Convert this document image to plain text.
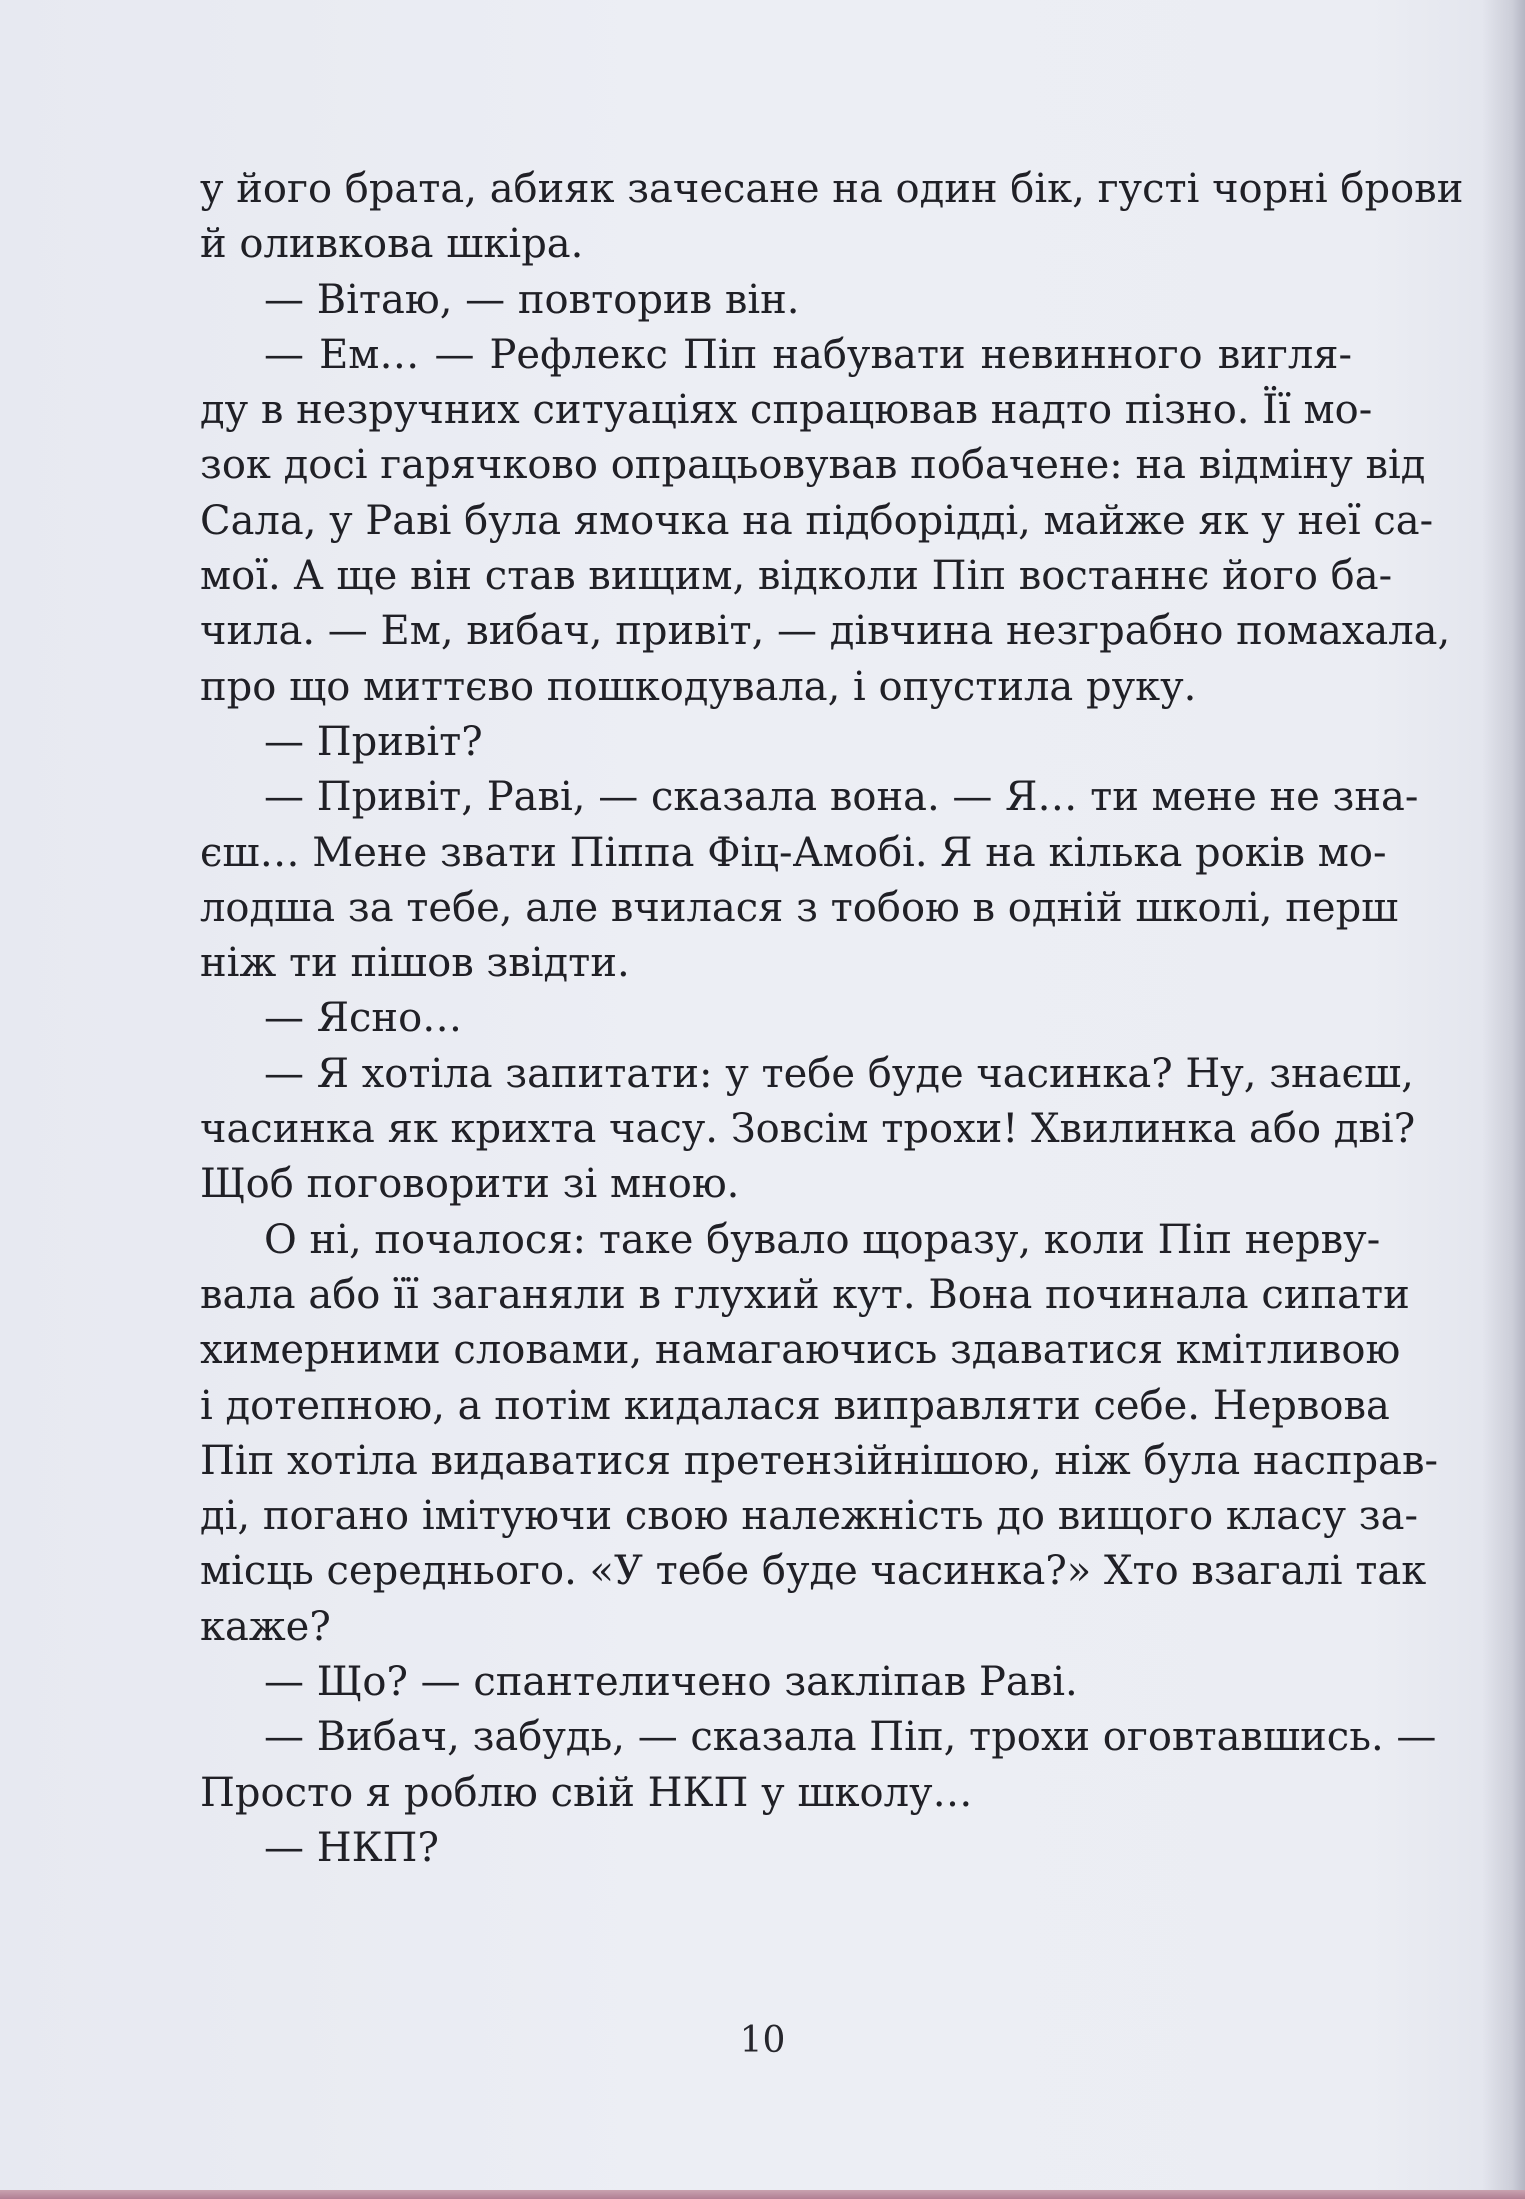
у його брата, абияк зачесане на один бік, густі чорні брови
й оливкова шкіра.
— Вітаю, — повторив він.
— Ем… — Рефлекс Піп набувати невинного вигля-
ду в незручних ситуаціях спрацював надто пізно. Її мо-
зок досі гарячково опрацьовував побачене: на відміну від
Сала, у Раві була ямочка на підборідді, майже як у неї са-
мої. А ще він став вищим, відколи Піп востаннє його ба-
чила. — Ем, вибач, привіт, — дівчина незграбно помахала,
про що миттєво пошкодувала, і опустила руку.
— Привіт?
— Привіт, Раві, — сказала вона. — Я… ти мене не зна-
єш… Мене звати Піппа Фіц-Амобі. Я на кілька років мо-
лодша за тебе, але вчилася з тобою в одній школі, перш
ніж ти пішов звідти.
— Ясно…
— Я хотіла запитати: у тебе буде часинка? Ну, знаєш,
часинка як крихта часу. Зовсім трохи! Хвилинка або дві?
Щоб поговорити зі мною.
О ні, почалося: таке бувало щоразу, коли Піп нерву-
вала або її заганяли в глухий кут. Вона починала сипати
химерними словами, намагаючись здаватися кмітливою
і дотепною, а потім кидалася виправляти себе. Нервова
Піп хотіла видаватися претензійнішою, ніж була насправ-
ді, погано імітуючи свою належність до вищого класу за-
місць середнього. «У тебе буде часинка?» Хто взагалі так
каже?
— Що? — спантеличено закліпав Раві.
— Вибач, забудь, — сказала Піп, трохи оговтавшись. —
Просто я роблю свій НКП у школу…
— НКП?
10
